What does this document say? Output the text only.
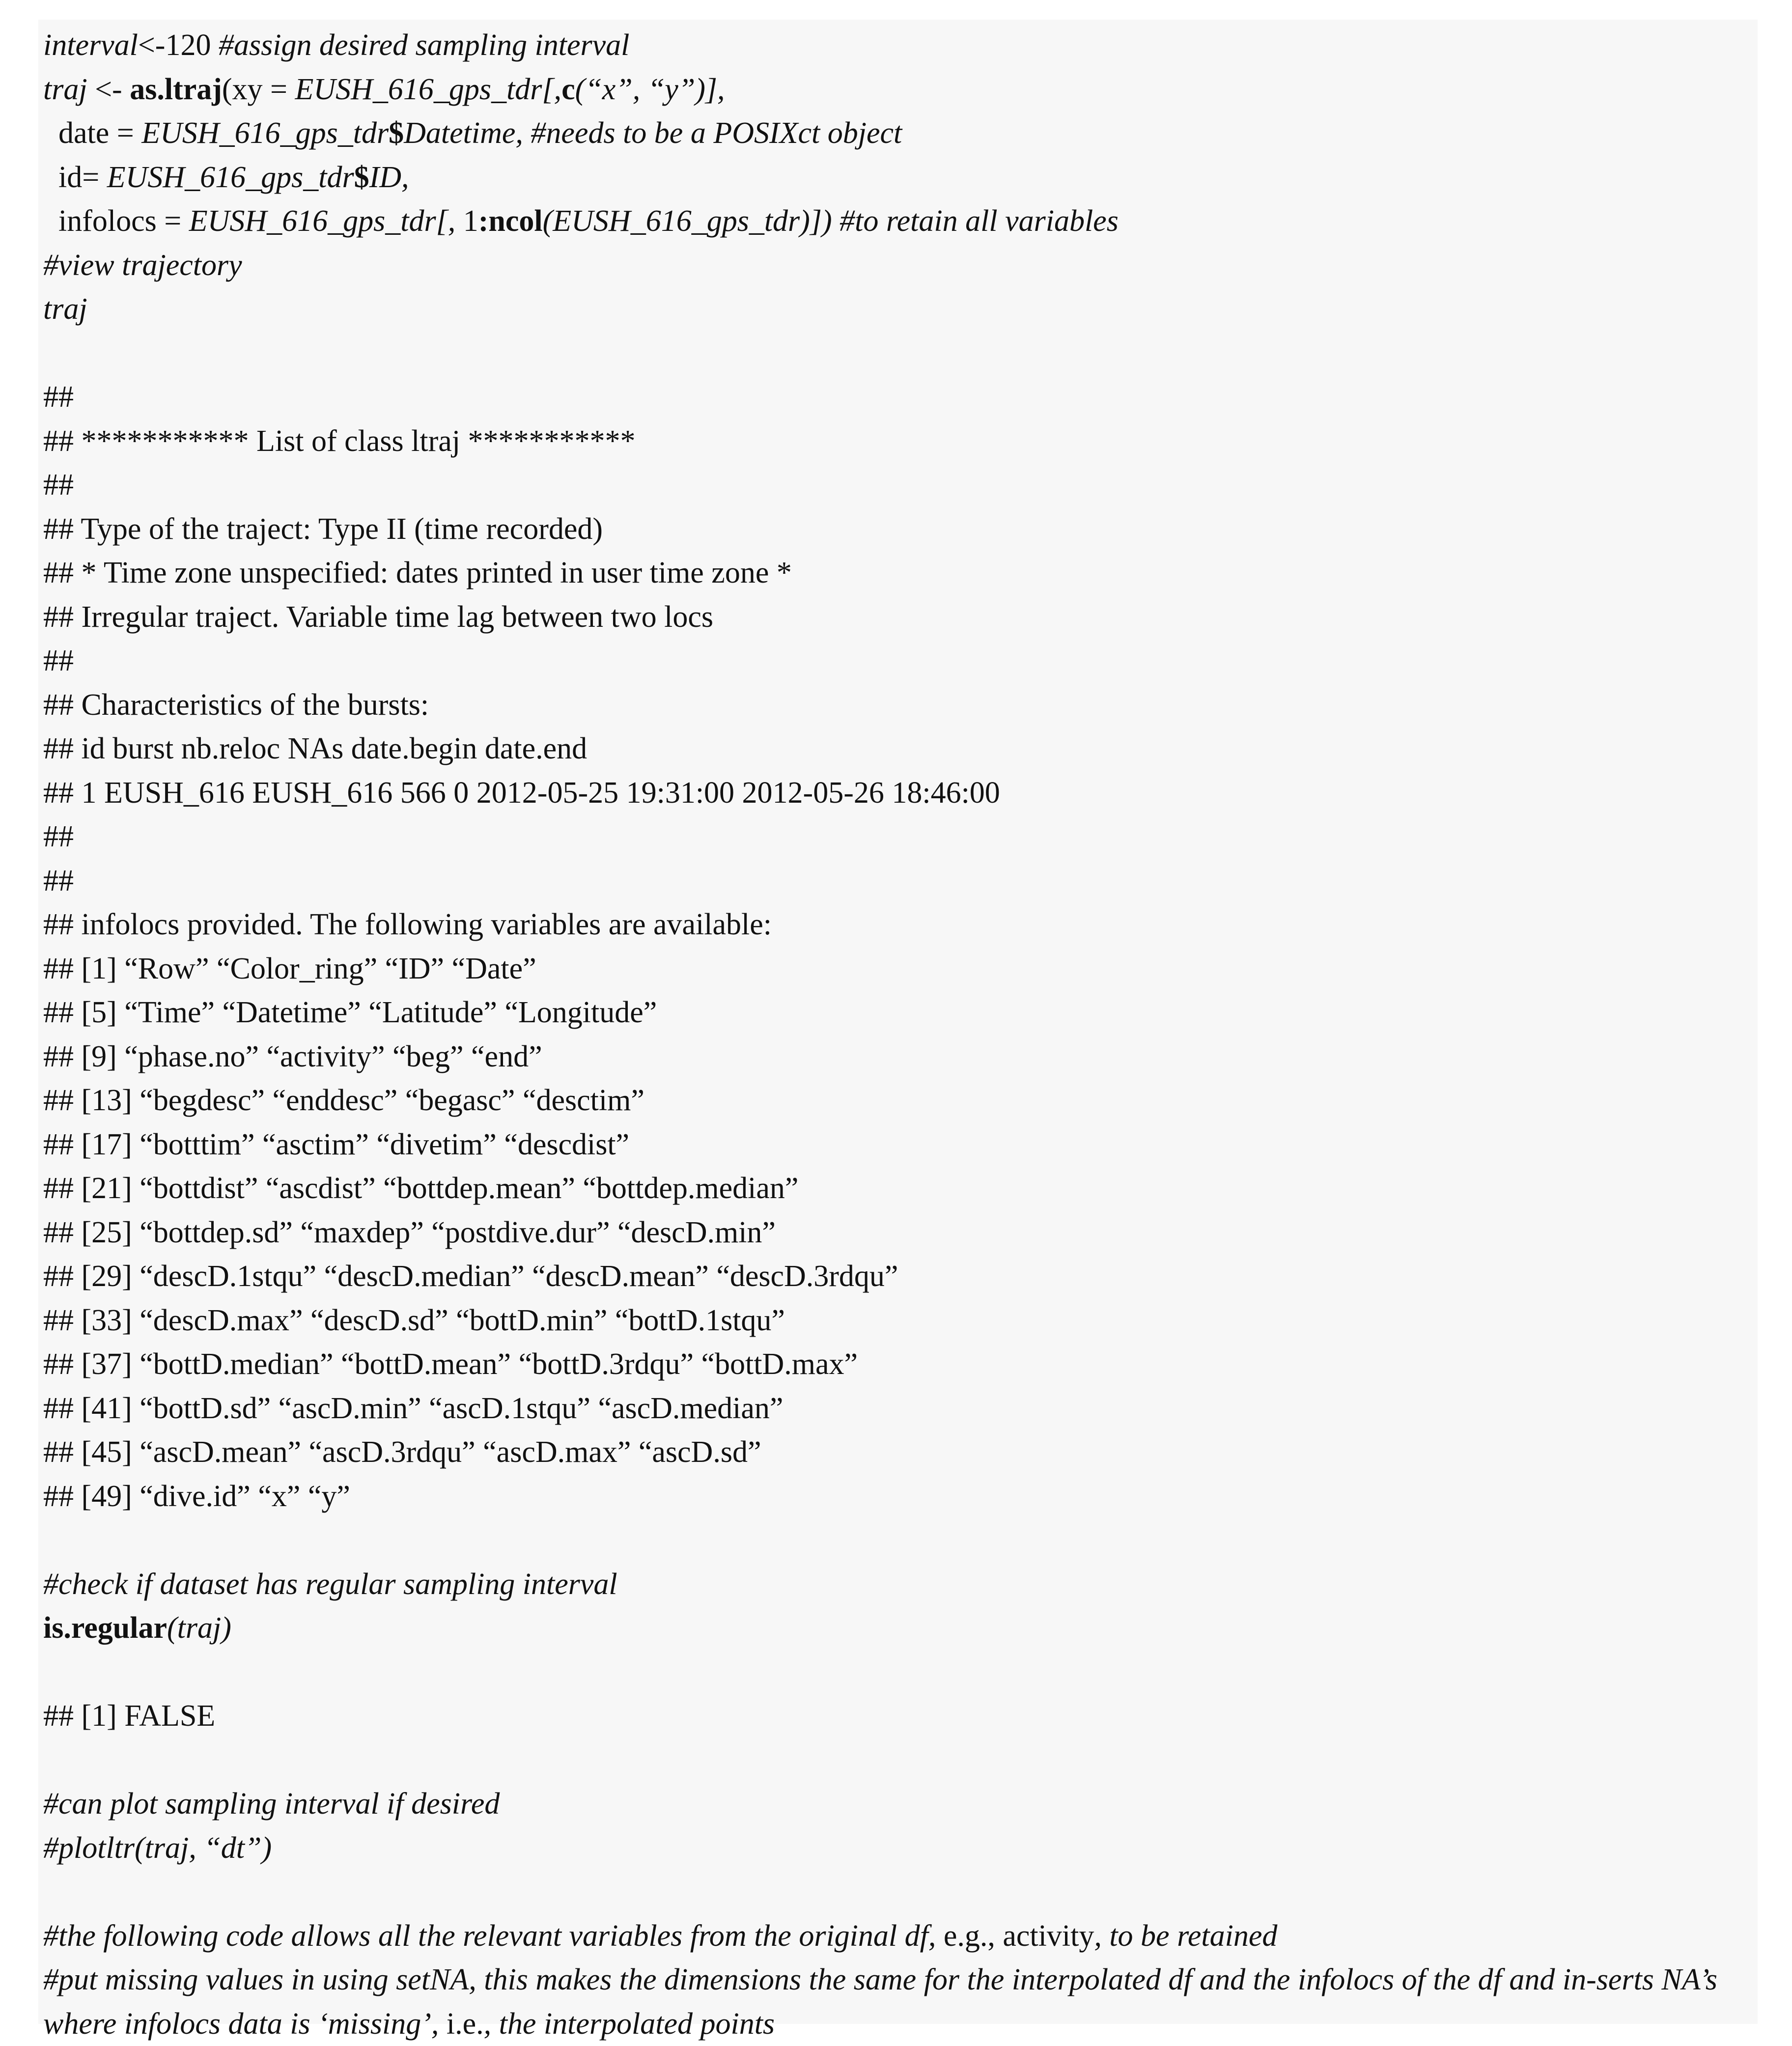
interval<-120 #assign desired sampling interval
traj <- as.ltraj(xy = EUSH_616_gps_tdr[,c(“x”, “y”)],
date = EUSH_616_gps_tdr$Datetime, #needs to be a POSIXct object
id= EUSH_616_gps_tdr$ID,
infolocs = EUSH_616_gps_tdr[, 1:ncol(EUSH_616_gps_tdr)]) #to retain all variables
#view trajectory
traj
##
## *********** List of class ltraj ***********
##
## Type of the traject: Type II (time recorded)
## * Time zone unspecified: dates printed in user time zone *
## Irregular traject. Variable time lag between two locs
##
## Characteristics of the bursts:
## id burst nb.reloc NAs date.begin date.end
## 1 EUSH_616 EUSH_616 566 0 2012-05-25 19:31:00 2012-05-26 18:46:00
##
##
## infolocs provided. The following variables are available:
## [1] “Row” “Color_ring” “ID” “Date”
## [5] “Time” “Datetime” “Latitude” “Longitude”
## [9] “phase.no” “activity” “beg” “end”
## [13] “begdesc” “enddesc” “begasc” “desctim”
## [17] “botttim” “asctim” “divetim” “descdist”
## [21] “bottdist” “ascdist” “bottdep.mean” “bottdep.median”
## [25] “bottdep.sd” “maxdep” “postdive.dur” “descD.min”
## [29] “descD.1stqu” “descD.median” “descD.mean” “descD.3rdqu”
## [33] “descD.max” “descD.sd” “bottD.min” “bottD.1stqu”
## [37] “bottD.median” “bottD.mean” “bottD.3rdqu” “bottD.max”
## [41] “bottD.sd” “ascD.min” “ascD.1stqu” “ascD.median”
## [45] “ascD.mean” “ascD.3rdqu” “ascD.max” “ascD.sd”
## [49] “dive.id” “x” “y”
#check if dataset has regular sampling interval
is.regular(traj)
## [1] FALSE
#can plot sampling interval if desired
#plotltr(traj, “dt”)
#the following code allows all the relevant variables from the original df, e.g., activity, to be retained
#put missing values in using setNA, this makes the dimensions the same for the interpolated df and the infolocs of the df and in-serts NA’s where infolocs data is ‘missing’, i.e., the interpolated points
